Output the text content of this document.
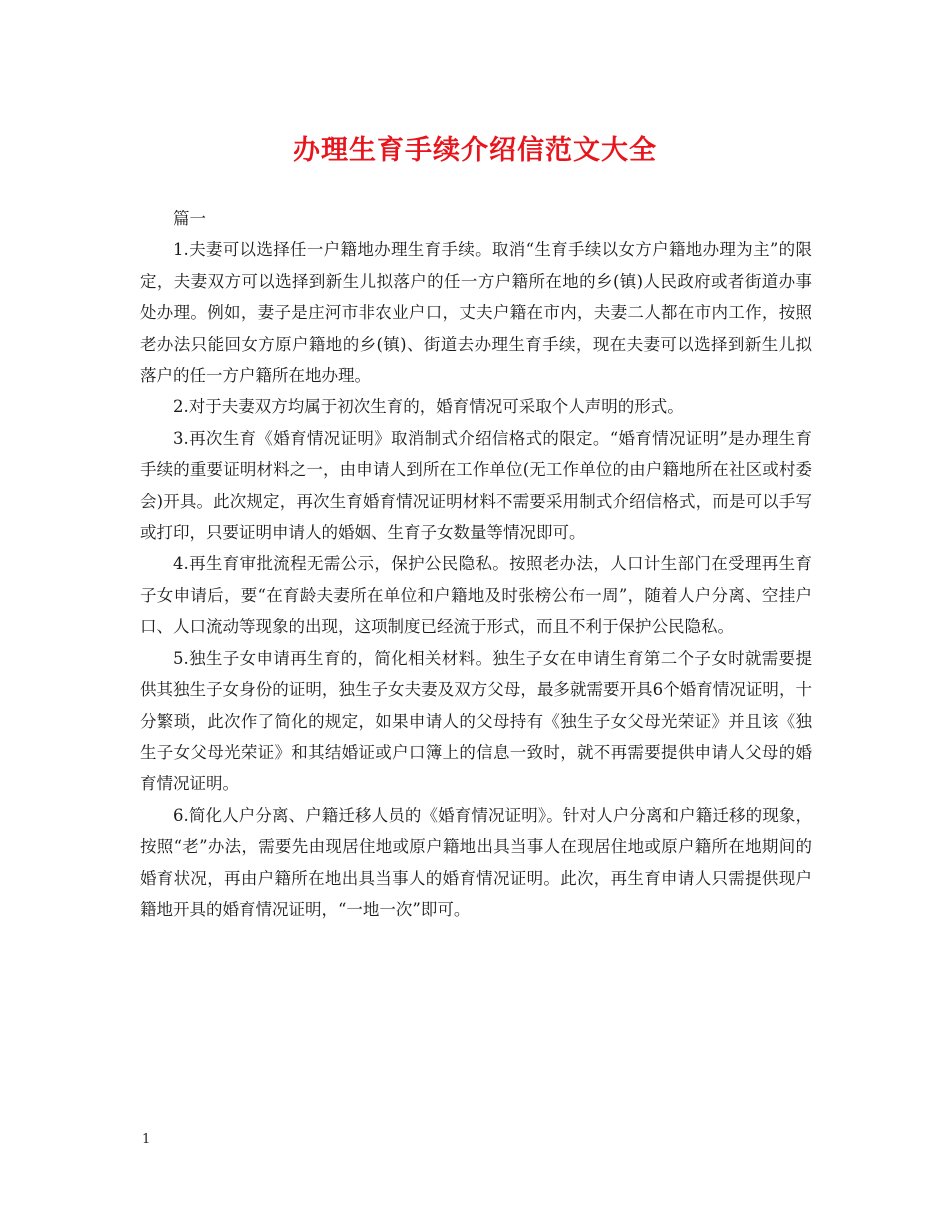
办理生育手续介绍信范文大全

篇一

1.夫妻可以选择任一户籍地办理生育手续。取消“生育手续以女方户籍地办理为主”的限定，夫妻双方可以选择到新生儿拟落户的任一方户籍所在地的乡(镇)人民政府或者街道办事处办理。例如，妻子是庄河市非农业户口，丈夫户籍在市内，夫妻二人都在市内工作，按照老办法只能回女方原户籍地的乡(镇)、街道去办理生育手续，现在夫妻可以选择到新生儿拟落户的任一方户籍所在地办理。

2.对于夫妻双方均属于初次生育的，婚育情况可采取个人声明的形式。

3.再次生育《婚育情况证明》取消制式介绍信格式的限定。“婚育情况证明”是办理生育手续的重要证明材料之一，由申请人到所在工作单位(无工作单位的由户籍地所在社区或村委会)开具。此次规定，再次生育婚育情况证明材料不需要采用制式介绍信格式，而是可以手写或打印，只要证明申请人的婚姻、生育子女数量等情况即可。

4.再生育审批流程无需公示，保护公民隐私。按照老办法，人口计生部门在受理再生育子女申请后，要“在育龄夫妻所在单位和户籍地及时张榜公布一周”，随着人户分离、空挂户口、人口流动等现象的出现，这项制度已经流于形式，而且不利于保护公民隐私。

5.独生子女申请再生育的，简化相关材料。独生子女在申请生育第二个子女时就需要提供其独生子女身份的证明，独生子女夫妻及双方父母，最多就需要开具6个婚育情况证明，十分繁琐，此次作了简化的规定，如果申请人的父母持有《独生子女父母光荣证》并且该《独生子女父母光荣证》和其结婚证或户口簿上的信息一致时，就不再需要提供申请人父母的婚育情况证明。

6.简化人户分离、户籍迁移人员的《婚育情况证明》。针对人户分离和户籍迁移的现象，按照“老”办法，需要先由现居住地或原户籍地出具当事人在现居住地或原户籍所在地期间的婚育状况，再由户籍所在地出具当事人的婚育情况证明。此次，再生育申请人只需提供现户籍地开具的婚育情况证明，“一地一次”即可。

1
